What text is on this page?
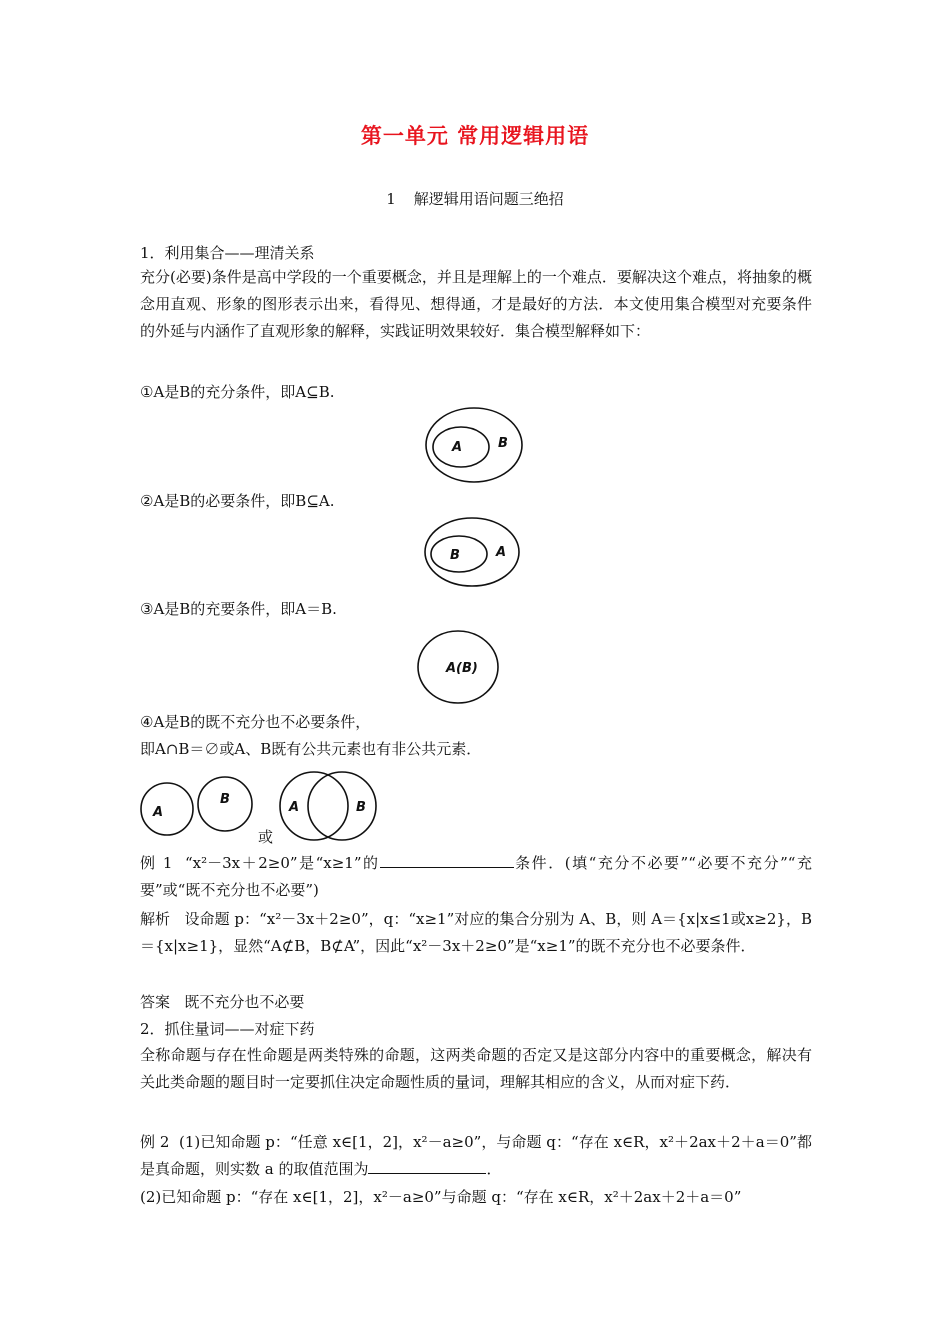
第一单元 常用逻辑用语
1 解逻辑用语问题三绝招
1．利用集合——理清关系
充分(必要)条件是高中学段的一个重要概念，并且是理解上的一个难点．要解决这个难点，将抽象的概念用直观、形象的图形表示出来，看得见、想得通，才是最好的方法．本文使用集合模型对充要条件的外延与内涵作了直观形象的解释，实践证明效果较好．集合模型解释如下：
①A是B的充分条件，即A⊆B.
A	B
②A是B的必要条件，即B⊆A.
B	A
③A是B的充要条件，即A＝B.
A(B)
④A是B的既不充分也不必要条件，
即A∩B＝∅或A、B既有公共元素也有非公共元素．
A
B
或
A	B
例 1 “x²－3x＋2≥0”是“x≥1”的	条件．(填“充分不必要”“必要不充分”“充要”或“既不充分也不必要”)
解析 设命题 p：“x²－3x＋2≥0”，q：“x≥1”对应的集合分别为 A、B，则 A＝{x|x≤1或x≥2}，B＝{x|x≥1}，显然“A⊄B，B⊄A”，因此“x²－3x＋2≥0”是“x≥1”的既不充分也不必要条件．
答案 既不充分也不必要
2．抓住量词——对症下药
全称命题与存在性命题是两类特殊的命题，这两类命题的否定又是这部分内容中的重要概念，解决有关此类命题的题目时一定要抓住决定命题性质的量词，理解其相应的含义，从而对症下药．
例 2 (1)已知命题 p：“任意 x∈[1，2]，x²－a≥0”，与命题 q：“存在 x∈R，x²＋2ax＋2＋a＝0”都是真命题，则实数 a 的取值范围为	．
(2)已知命题 p：“存在 x∈[1，2]，x²－a≥0”与命题 q：“存在 x∈R，x²＋2ax＋2＋a＝0”
